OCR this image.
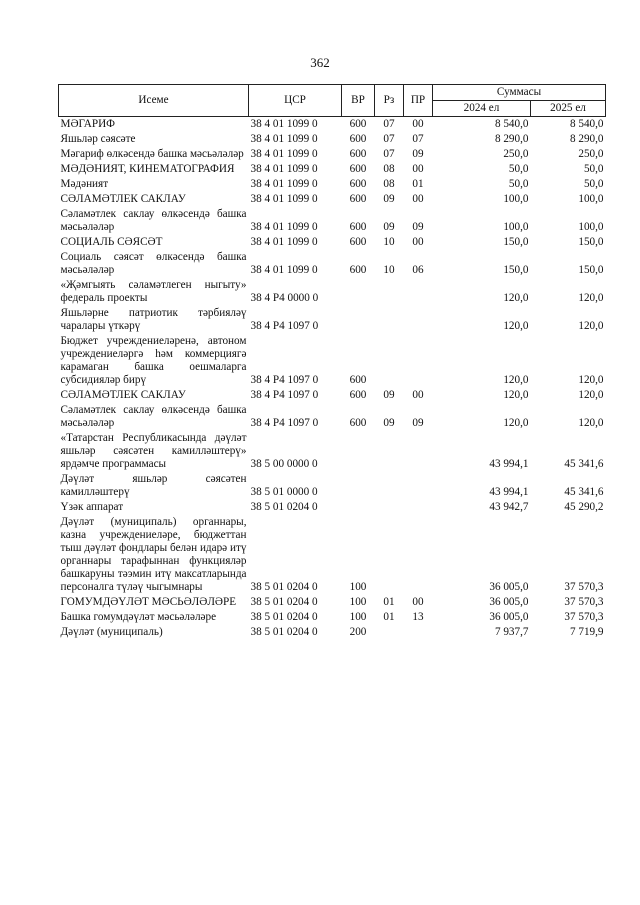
362
Исеме	ЦСР	ВР	Рз	ПР	Суммасы	
					2024 ел	2025 ел
МӘГАРИФ	38 4 01 1099 0	600	07	00	8 540,0	8 540,0
Яшьләр сәясәте	38 4 01 1099 0	600	07	07	8 290,0	8 290,0
Мәгариф өлкәсендә башка мәсьәләләр	38 4 01 1099 0	600	07	09	250,0	250,0
МӘДӘНИЯТ, КИНЕМАТОГРАФИЯ	38 4 01 1099 0	600	08	00	50,0	50,0
Мәдәният	38 4 01 1099 0	600	08	01	50,0	50,0
СӘЛАМӘТЛЕК САКЛАУ	38 4 01 1099 0	600	09	00	100,0	100,0
Сәламәтлек саклау өлкәсендә башка мәсьәләләр	38 4 01 1099 0	600	09	09	100,0	100,0
СОЦИАЛЬ СӘЯСӘТ	38 4 01 1099 0	600	10	00	150,0	150,0
Социаль сәясәт өлкәсендә башка мәсьәләләр	38 4 01 1099 0	600	10	06	150,0	150,0
«Җәмгыять сәламәтлеген ныгыту» федераль проекты	38 4 Р4 0000 0				120,0	120,0
Яшьләрне патриотик тәрбияләү чаралары үткәрү	38 4 Р4 1097 0				120,0	120,0
Бюджет учреждениеләренә, автоном учреждениеләргә һәм коммерциягә карамаган башка оешмаларга субсидияләр бирү	38 4 Р4 1097 0	600			120,0	120,0
СӘЛАМӘТЛЕК САКЛАУ	38 4 Р4 1097 0	600	09	00	120,0	120,0
Сәламәтлек саклау өлкәсендә башка мәсьәләләр	38 4 Р4 1097 0	600	09	09	120,0	120,0
«Татарстан Республикасында дәүләт яшьләр сәясәтен камилләштерү» ярдәмче программасы	38 5 00 0000 0				43 994,1	45 341,6
Дәүләт яшьләр сәясәтен камилләштерү	38 5 01 0000 0				43 994,1	45 341,6
Үзәк аппарат	38 5 01 0204 0				43 942,7	45 290,2
Дәүләт (муниципаль) органнары, казна учреждениеләре, бюджеттан тыш дәүләт фондлары белән идарә итү органнары тарафыннан функцияләр башкаруны тәэмин итү максатларында персоналга түләү чыгымнары	38 5 01 0204 0	100			36 005,0	37 570,3
ГОМУМДӘҮЛӘТ МӘСЬӘЛӘЛӘРЕ	38 5 01 0204 0	100	01	00	36 005,0	37 570,3
Башка гомумдәүләт мәсьәләләре	38 5 01 0204 0	100	01	13	36 005,0	37 570,3
Дәүләт (муниципаль)	38 5 01 0204 0	200			7 937,7	7 719,9
